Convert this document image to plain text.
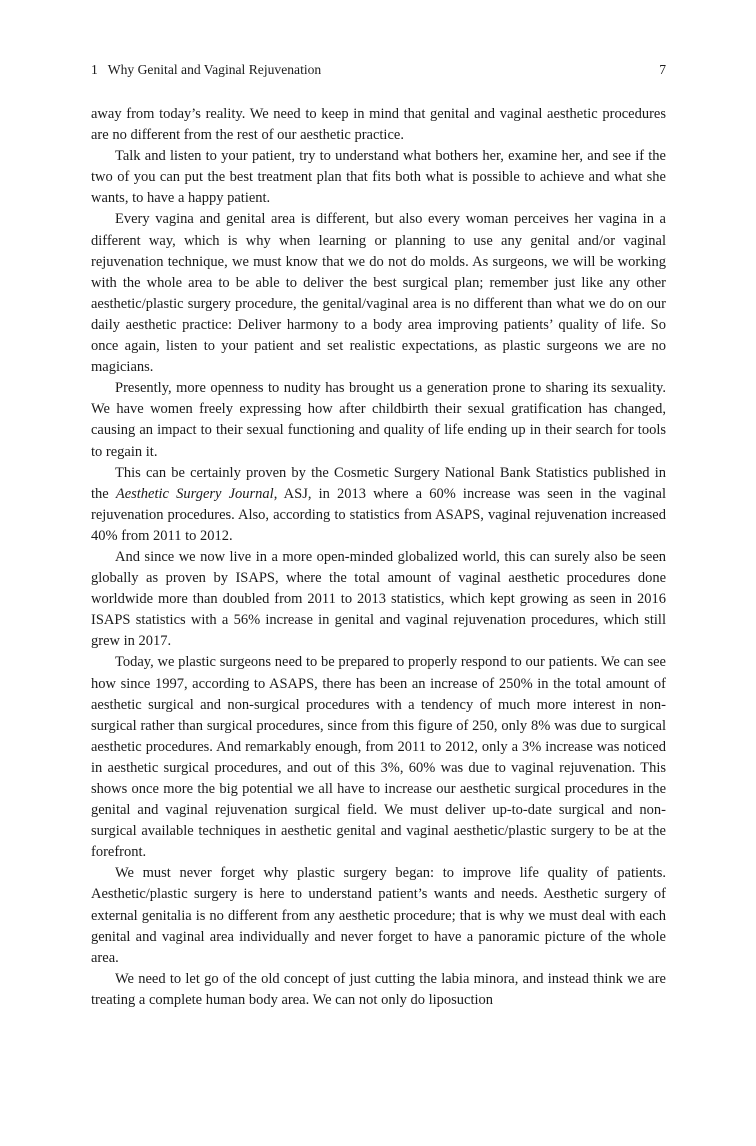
1 Why Genital and Vaginal Rejuvenation	7

away from today’s reality. We need to keep in mind that genital and vaginal aesthetic procedures are no different from the rest of our aesthetic practice.

Talk and listen to your patient, try to understand what bothers her, examine her, and see if the two of you can put the best treatment plan that fits both what is possible to achieve and what she wants, to have a happy patient.

Every vagina and genital area is different, but also every woman perceives her vagina in a different way, which is why when learning or planning to use any genital and/or vaginal rejuvenation technique, we must know that we do not do molds. As surgeons, we will be working with the whole area to be able to deliver the best surgical plan; remember just like any other aesthetic/plastic surgery procedure, the genital/vaginal area is no different than what we do on our daily aesthetic practice: Deliver harmony to a body area improving patients’ quality of life. So once again, listen to your patient and set realistic expectations, as plastic surgeons we are no magicians.

Presently, more openness to nudity has brought us a generation prone to sharing its sexuality. We have women freely expressing how after childbirth their sexual gratification has changed, causing an impact to their sexual functioning and quality of life ending up in their search for tools to regain it.

This can be certainly proven by the Cosmetic Surgery National Bank Statistics published in the Aesthetic Surgery Journal, ASJ, in 2013 where a 60% increase was seen in the vaginal rejuvenation procedures. Also, according to statistics from ASAPS, vaginal rejuvenation increased 40% from 2011 to 2012.

And since we now live in a more open-minded globalized world, this can surely also be seen globally as proven by ISAPS, where the total amount of vaginal aesthetic procedures done worldwide more than doubled from 2011 to 2013 statistics, which kept growing as seen in 2016 ISAPS statistics with a 56% increase in genital and vaginal rejuvenation procedures, which still grew in 2017.

Today, we plastic surgeons need to be prepared to properly respond to our patients. We can see how since 1997, according to ASAPS, there has been an increase of 250% in the total amount of aesthetic surgical and non-surgical procedures with a tendency of much more interest in non-surgical rather than surgical procedures, since from this figure of 250, only 8% was due to surgical aesthetic procedures. And remarkably enough, from 2011 to 2012, only a 3% increase was noticed in aesthetic surgical procedures, and out of this 3%, 60% was due to vaginal rejuvenation. This shows once more the big potential we all have to increase our aesthetic surgical procedures in the genital and vaginal rejuvenation surgical field. We must deliver up-to-date surgical and non-surgical available techniques in aesthetic genital and vaginal aesthetic/plastic surgery to be at the forefront.

We must never forget why plastic surgery began: to improve life quality of patients. Aesthetic/plastic surgery is here to understand patient’s wants and needs. Aesthetic surgery of external genitalia is no different from any aesthetic procedure; that is why we must deal with each genital and vaginal area individually and never forget to have a panoramic picture of the whole area.

We need to let go of the old concept of just cutting the labia minora, and instead think we are treating a complete human body area. We can not only do liposuction
